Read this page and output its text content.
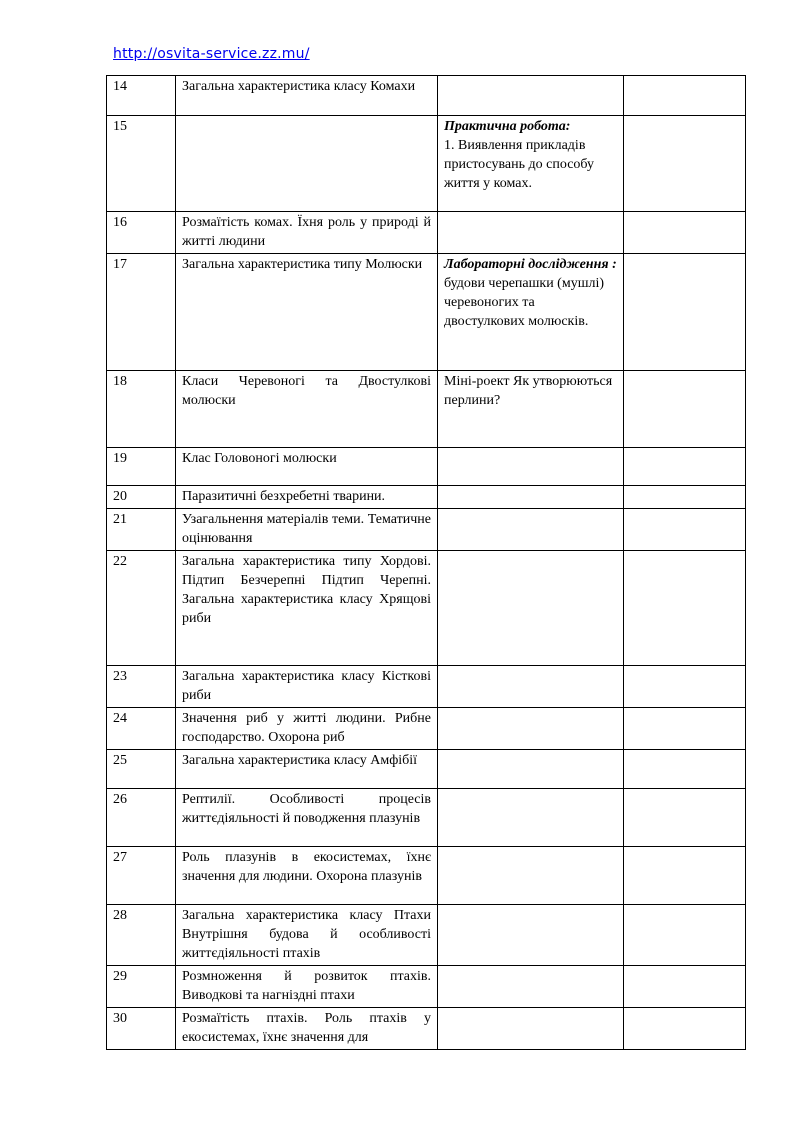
http://osvita-service.zz.mu/
14	Загальна характеристика класу Комахи		
15		Практична робота:
1. Виявлення прикладів пристосувань до способу життя у комах.	

16	Розмаїтість комах. Їхня роль у природі й житті людини		
17	Загальна характеристика типу Молюски	Лабораторні дослідження :
будови черепашки (мушлі) черевоногих та двостулкових молюсків.	

18	Класи Черевоногі та Двостулкові молюски	Міні-роект Як утворюються перлини?	

19	Клас Головоногі молюски		
20	Паразитичні безхребетні тварини.		
21	Узагальнення матеріалів теми. Тематичне оцінювання		
22	Загальна характеристика типу Хордові. Підтип Безчерепні Підтип Черепні. Загальна характеристика класу Хрящові риби		
23	Загальна характеристика класу Кісткові риби		
24	Значення риб у житті людини. Рибне господарство. Охорона риб		
25	Загальна характеристика класу Амфібії		
26	Рептилії. Особливості процесів життєдіяльності й поводження плазунів		
27	Роль плазунів в екосистемах, їхнє значення для людини. Охорона плазунів		
28	Загальна характеристика класу Птахи Внутрішня будова й особливості життєдіяльності птахів		
29	Розмноження й розвиток птахів. Виводкові та нагніздні птахи		
30	Розмаїтість птахів. Роль птахів у екосистемах, їхнє значення для		
